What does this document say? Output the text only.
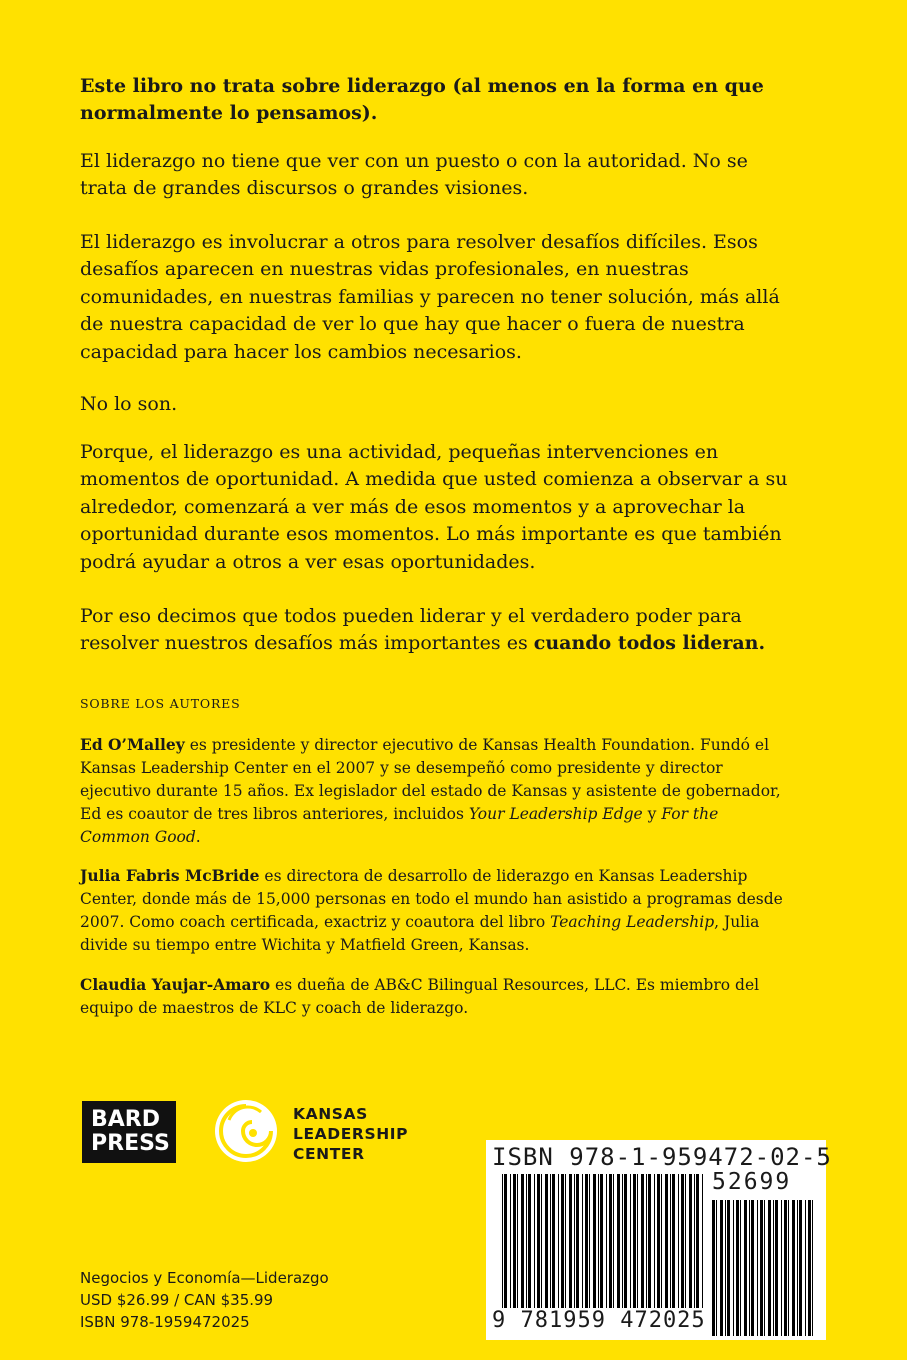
Este libro no trata sobre liderazgo (al menos en la forma en que normalmente lo pensamos).

El liderazgo no tiene que ver con un puesto o con la autoridad. No se trata de grandes discursos o grandes visiones.

El liderazgo es involucrar a otros para resolver desafíos difíciles. Esos desafíos aparecen en nuestras vidas profesionales, en nuestras comunidades, en nuestras familias y parecen no tener solución, más allá de nuestra capacidad de ver lo que hay que hacer o fuera de nuestra capacidad para hacer los cambios necesarios.

No lo son.

Porque, el liderazgo es una actividad, pequeñas intervenciones en momentos de oportunidad. A medida que usted comienza a observar a su alrededor, comenzará a ver más de esos momentos y a aprovechar la oportunidad durante esos momentos. Lo más importante es que también podrá ayudar a otros a ver esas oportunidades.

Por eso decimos que todos pueden liderar y el verdadero poder para resolver nuestros desafíos más importantes es cuando todos lideran.

SOBRE LOS AUTORES

Ed O’Malley es presidente y director ejecutivo de Kansas Health Foundation. Fundó el Kansas Leadership Center en el 2007 y se desempeñó como presidente y director ejecutivo durante 15 años. Ex legislador del estado de Kansas y asistente de gobernador, Ed es coautor de tres libros anteriores, incluidos Your Leadership Edge y For the Common Good.

Julia Fabris McBride es directora de desarrollo de liderazgo en Kansas Leadership Center, donde más de 15,000 personas en todo el mundo han asistido a programas desde 2007. Como coach certificada, exactriz y coautora del libro Teaching Leadership, Julia divide su tiempo entre Wichita y Matfield Green, Kansas.

Claudia Yaujar-Amaro es dueña de AB&C Bilingual Resources, LLC. Es miembro del equipo de maestros de KLC y coach de liderazgo.

BARD
PRESS
KANSAS
LEADERSHIP
CENTER	ISBN 978-1-959472-02-5
52699
9 781959 472025
Negocios y Economía—Liderazgo
USD $26.99 / CAN $35.99
ISBN 978-1959472025
